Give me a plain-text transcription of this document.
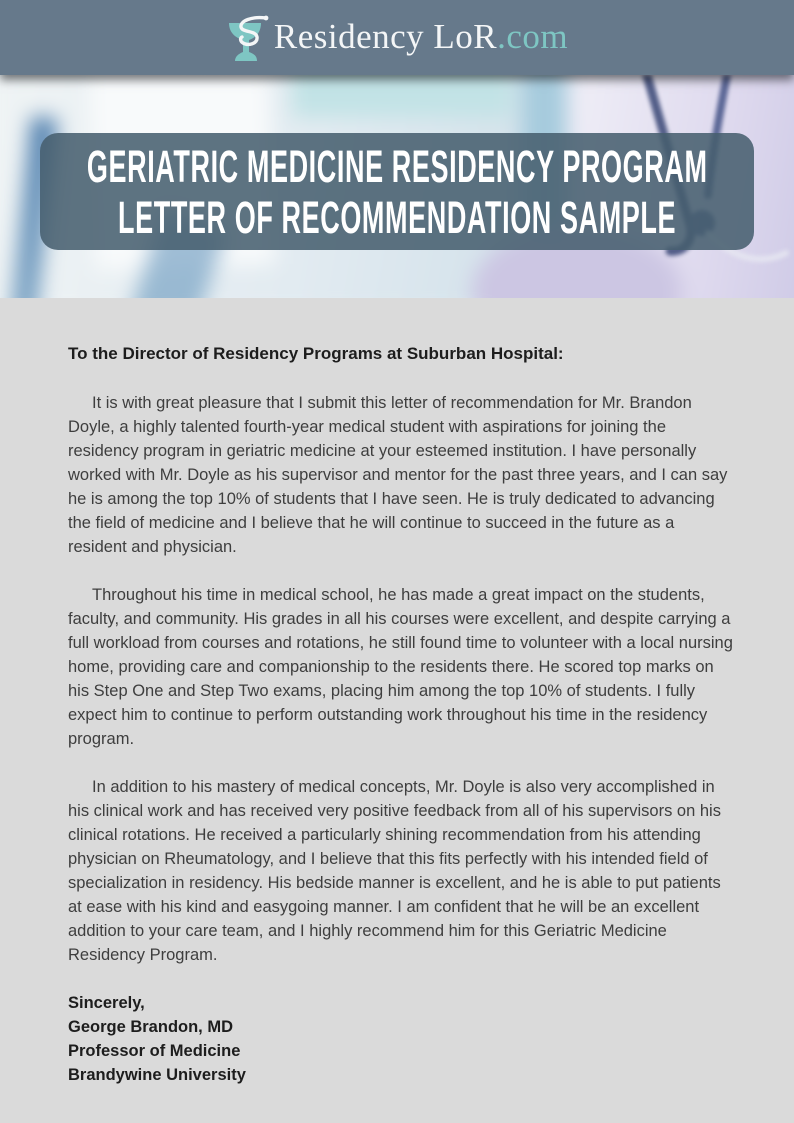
Residency LoR.com
GERIATRIC MEDICINE RESIDENCY PROGRAM
LETTER OF RECOMMENDATION SAMPLE

To the Director of Residency Programs at Suburban Hospital:

It is with great pleasure that I submit this letter of recommendation for Mr. Brandon Doyle, a highly talented fourth-year medical student with aspirations for joining the residency program in geriatric medicine at your esteemed institution. I have personally worked with Mr. Doyle as his supervisor and mentor for the past three years, and I can say he is among the top 10% of students that I have seen. He is truly dedicated to advancing the field of medicine and I believe that he will continue to succeed in the future as a resident and physician.

Throughout his time in medical school, he has made a great impact on the students, faculty, and community. His grades in all his courses were excellent, and despite carrying a full workload from courses and rotations, he still found time to volunteer with a local nursing home, providing care and companionship to the residents there. He scored top marks on his Step One and Step Two exams, placing him among the top 10% of students. I fully expect him to continue to perform outstanding work throughout his time in the residency program.

In addition to his mastery of medical concepts, Mr. Doyle is also very accomplished in his clinical work and has received very positive feedback from all of his supervisors on his clinical rotations. He received a particularly shining recommendation from his attending physician on Rheumatology, and I believe that this fits perfectly with his intended field of specialization in residency. His bedside manner is excellent, and he is able to put patients at ease with his kind and easygoing manner. I am confident that he will be an excellent addition to your care team, and I highly recommend him for this Geriatric Medicine Residency Program.

Sincerely,
George Brandon, MD
Professor of Medicine
Brandywine University
